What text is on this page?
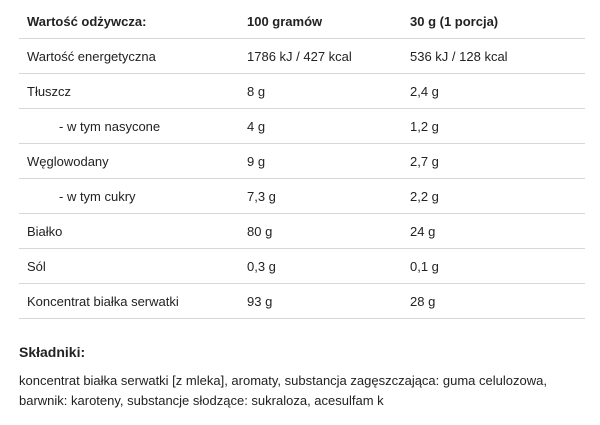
Wartość odżywcza:	100 gramów	30 g (1 porcja)
Wartość energetyczna	1786 kJ / 427 kcal	536 kJ / 128 kcal
Tłuszcz	8 g	2,4 g
- w tym nasycone	4 g	1,2 g
Węglowodany	9 g	2,7 g
- w tym cukry	7,3 g	2,2 g
Białko	80 g	24 g
Sól	0,3 g	0,1 g
Koncentrat białka serwatki	93 g	28 g
Składniki:

koncentrat białka serwatki [z mleka], aromaty, substancja zagęszczająca: guma celulozowa, barwnik: karoteny, substancje słodzące: sukraloza, acesulfam k
